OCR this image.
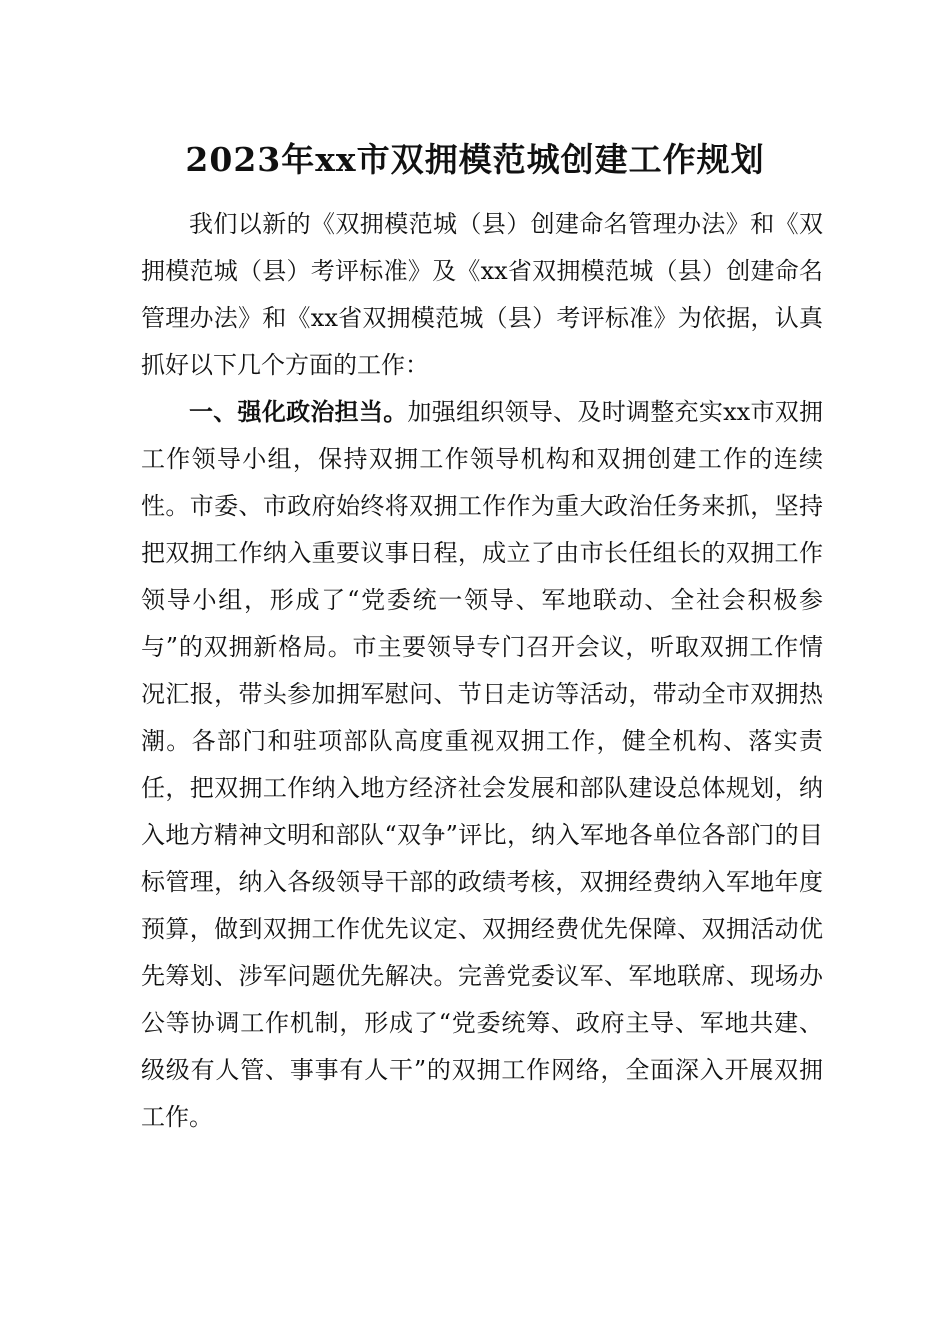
2023年xx市双拥模范城创建工作规划

我们以新的《双拥模范城（县）创建命名管理办法》和《双拥模范城（县）考评标准》及《xx省双拥模范城（县）创建命名管理办法》和《xx省双拥模范城（县）考评标准》为依据，认真抓好以下几个方面的工作：

一、强化政治担当。加强组织领导、及时调整充实xx市双拥工作领导小组，保持双拥工作领导机构和双拥创建工作的连续性。市委、市政府始终将双拥工作作为重大政治任务来抓，坚持把双拥工作纳入重要议事日程，成立了由市长任组长的双拥工作领导小组，形成了“党委统一领导、军地联动、全社会积极参与”的双拥新格局。市主要领导专门召开会议，听取双拥工作情况汇报，带头参加拥军慰问、节日走访等活动，带动全市双拥热潮。各部门和驻项部队高度重视双拥工作，健全机构、落实责任，把双拥工作纳入地方经济社会发展和部队建设总体规划，纳入地方精神文明和部队“双争”评比，纳入军地各单位各部门的目标管理，纳入各级领导干部的政绩考核，双拥经费纳入军地年度预算，做到双拥工作优先议定、双拥经费优先保障、双拥活动优先筹划、涉军问题优先解决。完善党委议军、军地联席、现场办公等协调工作机制，形成了“党委统筹、政府主导、军地共建、级级有人管、事事有人干”的双拥工作网络，全面深入开展双拥工作。
